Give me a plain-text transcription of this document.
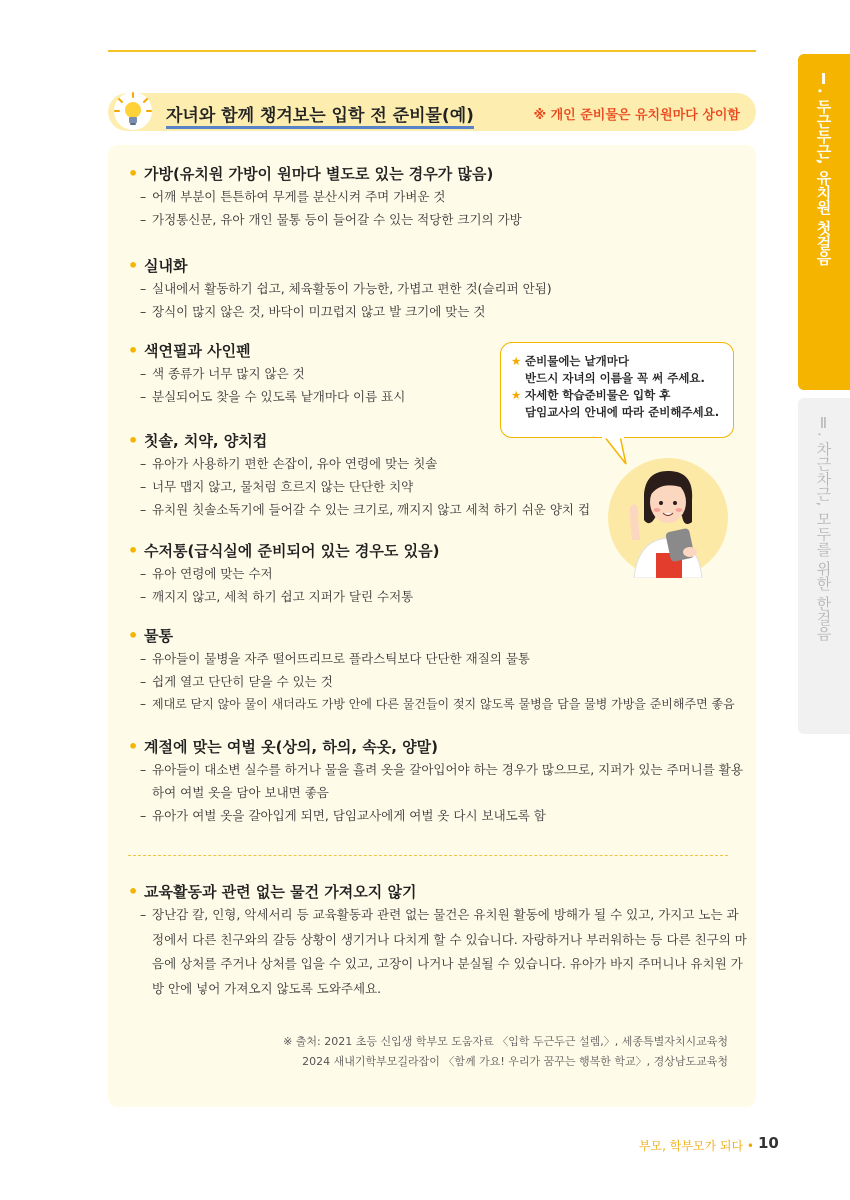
Ⅰ. 두근두근, 유치원 첫걸음
Ⅱ. 차근차근, 모두를 위한 한걸음
자녀와 함께 챙겨보는 입학 전 준비물(예)	※ 개인 준비물은 유치원마다 상이함
• 가방(유치원 가방이 원마다 별도로 있는 경우가 많음)
– 어깨 부분이 튼튼하여 무게를 분산시켜 주며 가벼운 것
– 가정통신문, 유아 개인 물통 등이 들어갈 수 있는 적당한 크기의 가방
• 실내화
– 실내에서 활동하기 쉽고, 체육활동이 가능한, 가볍고 편한 것(슬리퍼 안됨)
– 장식이 많지 않은 것, 바닥이 미끄럽지 않고 발 크기에 맞는 것
• 색연필과 사인펜
– 색 종류가 너무 많지 않은 것
– 분실되어도 찾을 수 있도록 낱개마다 이름 표시
• 칫솔, 치약, 양치컵
– 유아가 사용하기 편한 손잡이, 유아 연령에 맞는 칫솔
– 너무 맵지 않고, 물처럼 흐르지 않는 단단한 치약
– 유치원 칫솔소독기에 들어갈 수 있는 크기로, 깨지지 않고 세척 하기 쉬운 양치 컵
• 수저통(급식실에 준비되어 있는 경우도 있음)
– 유아 연령에 맞는 수저
– 깨지지 않고, 세척 하기 쉽고 지퍼가 달린 수저통
• 물통
– 유아들이 물병을 자주 떨어뜨리므로 플라스틱보다 단단한 재질의 물통
– 쉽게 열고 단단히 닫을 수 있는 것
– 제대로 닫지 않아 물이 새더라도 가방 안에 다른 물건들이 젖지 않도록 물병을 담을 물병 가방을 준비해주면 좋음
• 계절에 맞는 여벌 옷(상의, 하의, 속옷, 양말)
– 유아들이 대소변 실수를 하거나 물을 흘려 옷을 갈아입어야 하는 경우가 많으므로, 지퍼가 있는 주머니를 활용하여 여벌 옷을 담아 보내면 좋음
– 유아가 여벌 옷을 갈아입게 되면, 담임교사에게 여벌 옷 다시 보내도록 함
• 교육활동과 관련 없는 물건 가져오지 않기
– 장난감 칼, 인형, 악세서리 등 교육활동과 관련 없는 물건은 유치원 활동에 방해가 될 수 있고, 가지고 노는 과정에서 다른 친구와의 갈등 상황이 생기거나 다치게 할 수 있습니다. 자랑하거나 부러워하는 등 다른 친구의 마음에 상처를 주거나 상처를 입을 수 있고, 고장이 나거나 분실될 수 있습니다. 유아가 바지 주머니나 유치원 가방 안에 넣어 가져오지 않도록 도와주세요.
※ 출처: 2021 초등 신입생 학부모 도움자료 〈입학 두근두근 설렘,〉, 세종특별자치시교육청
2024 새내기학부모길라잡이 〈함께 가요! 우리가 꿈꾸는 행복한 학교〉, 경상남도교육청
★ 준비물에는 낱개마다
반드시 자녀의 이름을 꼭 써 주세요.
★ 자세한 학습준비물은 입학 후
담임교사의 안내에 따라 준비해주세요.
부모, 학부모가 되다 • 10
